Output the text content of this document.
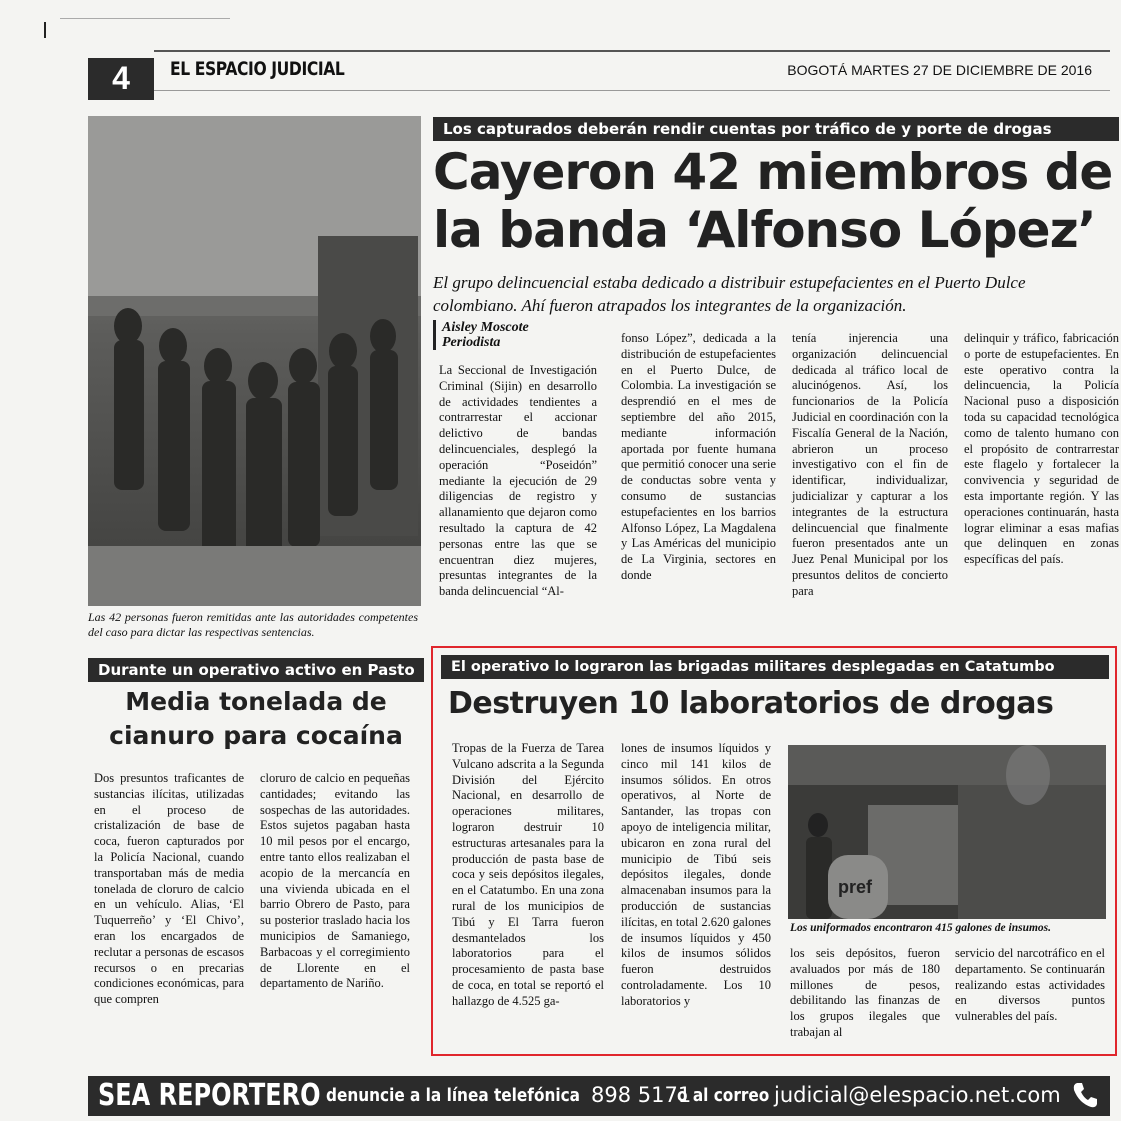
4	EL ESPACIO JUDICIAL	BOGOTÁ MARTES 27 DE DICIEMBRE DE 2016
Las 42 personas fueron remitidas ante las autoridades competentes del caso para dictar las respectivas sentencias.
Los capturados deberán rendir cuentas por tráfico de y porte de drogas
Cayeron 42 miembros de
la banda ‘Alfonso López’
El grupo delincuencial estaba dedicado a distribuir estupefacientes en el Puerto Dulce colombiano. Ahí fueron atrapados los integrantes de la organización.
Aisley Moscote
Periodista
La Seccional de Investigación Criminal (Sijin) en desarrollo de actividades tendientes a contrarrestar el accionar delictivo de bandas delincuenciales, desplegó la operación “Poseidón” mediante la ejecución de 29 diligencias de registro y allanamiento que dejaron como resultado la captura de 42 personas entre las que se encuentran diez mujeres, presuntas integrantes de la banda delincuencial “Al-
fonso López”, dedicada a la distribución de estupefacientes en el Puerto Dulce, de Colombia. La investigación se desprendió en el mes de septiembre del año 2015, mediante información aportada por fuente humana que permitió conocer una serie de conductas sobre venta y consumo de sustancias estupefacientes en los barrios Alfonso López, La Magdalena y Las Américas del municipio de La Virginia, sectores en donde
tenía injerencia una organización delincuencial dedicada al tráfico local de alucinógenos. Así, los funcionarios de la Policía Judicial en coordinación con la Fiscalía General de la Nación, abrieron un proceso investigativo con el fin de identificar, individualizar, judicializar y capturar a los integrantes de la estructura delincuencial que finalmente fueron presentados ante un Juez Penal Municipal por los presuntos delitos de concierto para
delinquir y tráfico, fabricación o porte de estupefacientes. En este operativo contra la delincuencia, la Policía Nacional puso a disposición toda su capacidad tecnológica como de talento humano con el propósito de contrarrestar este flagelo y fortalecer la convivencia y seguridad de esta importante región. Y las operaciones continuarán, hasta lograr eliminar a esas mafias que delinquen en zonas específicas del país.
Durante un operativo activo en Pasto
Media tonelada de
cianuro para cocaína
Dos presuntos traficantes de sustancias ilícitas, utilizadas en el proceso de cristalización de base de coca, fueron capturados por la Policía Nacional, cuando transportaban más de media tonelada de cloruro de calcio en un vehículo. Alias, ‘El Tuquerreño’ y ‘El Chivo’, eran los encargados de reclutar a personas de escasos recursos o en precarias condiciones económicas, para que compren
cloruro de calcio en pequeñas cantidades; evitando las sospechas de las autoridades. Estos sujetos pagaban hasta 10 mil pesos por el encargo, entre tanto ellos realizaban el acopio de la mercancía en una vivienda ubicada en el barrio Obrero de Pasto, para su posterior traslado hacia los municipios de Samaniego, Barbacoas y el corregimiento de Llorente en el departamento de Nariño.
El operativo lo lograron las brigadas militares desplegadas en Catatumbo
Destruyen 10 laboratorios de drogas
Tropas de la Fuerza de Tarea Vulcano adscrita a la Segunda División del Ejército Nacional, en desarrollo de operaciones militares, lograron destruir 10 estructuras artesanales para la producción de pasta base de coca y seis depósitos ilegales, en el Catatumbo. En una zona rural de los municipios de Tibú y El Tarra fueron desmantelados los laboratorios para el procesamiento de pasta base de coca, en total se reportó el hallazgo de 4.525 ga-
lones de insumos líquidos y cinco mil 141 kilos de insumos sólidos. En otros operativos, al Norte de Santander, las tropas con apoyo de inteligencia militar, ubicaron en zona rural del municipio de Tibú seis depósitos ilegales, donde almacenaban insumos para la producción de sustancias ilícitas, en total 2.620 galones de insumos líquidos y 450 kilos de insumos sólidos fueron destruidos controladamente. Los 10 laboratorios y
pref
Los uniformados encontraron 415 galones de insumos.
los seis depósitos, fueron avaluados por más de 180 millones de pesos, debilitando las finanzas de los grupos ilegales que trabajan al
servicio del narcotráfico en el departamento. Se continuarán realizando estas actividades en diversos puntos vulnerables del país.
SEA REPORTERO denuncie a la línea telefónica 898 5171
o al correo judicial@elespacio.net.com
